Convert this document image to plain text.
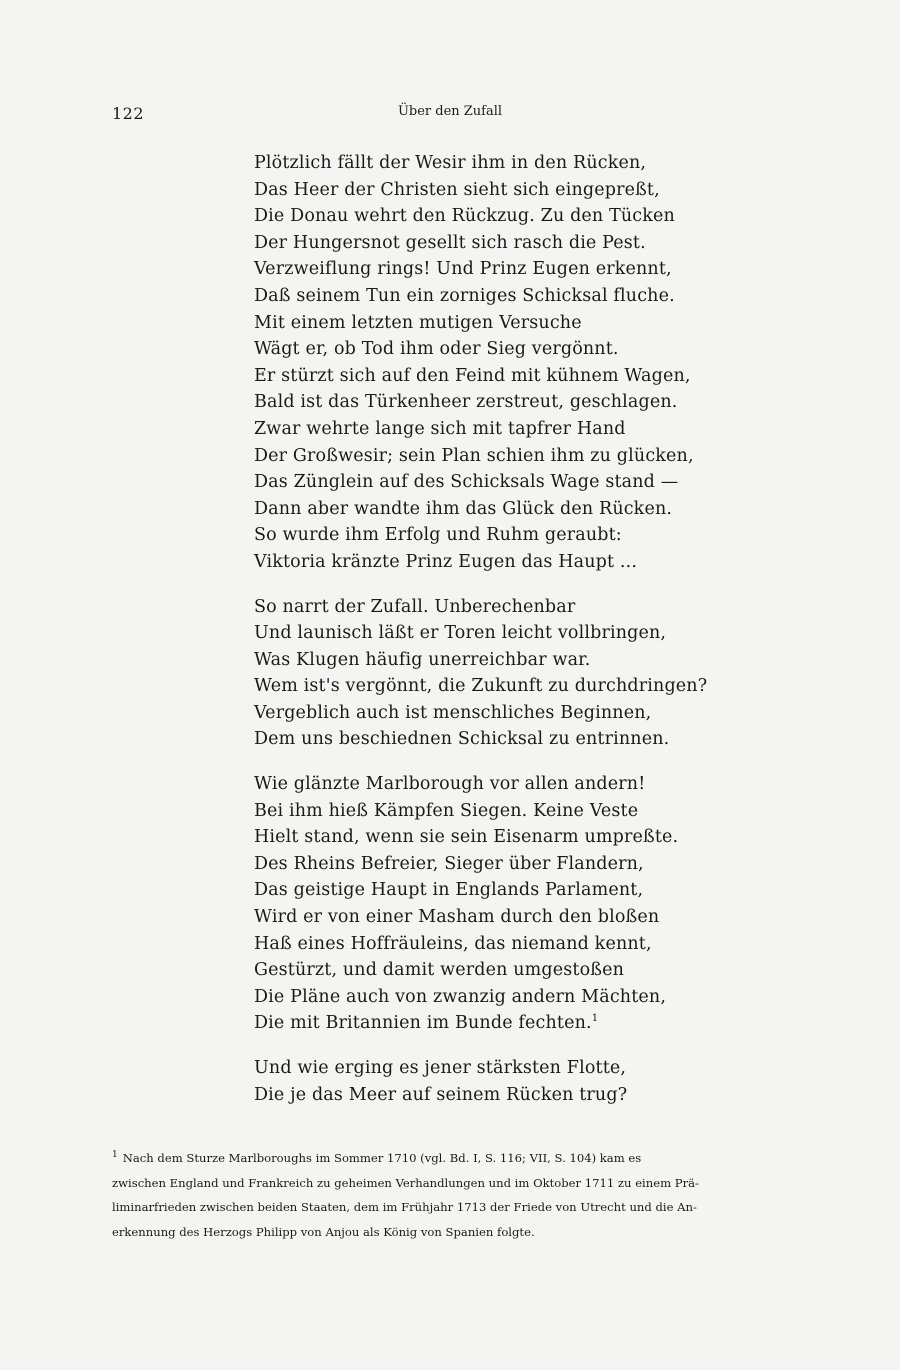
122	Über den Zufall
Plötzlich fällt der Wesir ihm in den Rücken,
Das Heer der Christen sieht sich eingepreßt,
Die Donau wehrt den Rückzug. Zu den Tücken
Der Hungersnot gesellt sich rasch die Pest.
Verzweiflung rings! Und Prinz Eugen erkennt,
Daß seinem Tun ein zorniges Schicksal fluche.
Mit einem letzten mutigen Versuche
Wägt er, ob Tod ihm oder Sieg vergönnt.
Er stürzt sich auf den Feind mit kühnem Wagen,
Bald ist das Türkenheer zerstreut, geschlagen.
Zwar wehrte lange sich mit tapfrer Hand
Der Großwesir; sein Plan schien ihm zu glücken,
Das Zünglein auf des Schicksals Wage stand —
Dann aber wandte ihm das Glück den Rücken.
So wurde ihm Erfolg und Ruhm geraubt:
Viktoria kränzte Prinz Eugen das Haupt ...
So narrt der Zufall. Unberechenbar
Und launisch läßt er Toren leicht vollbringen,
Was Klugen häufig unerreichbar war.
Wem ist's vergönnt, die Zukunft zu durchdringen?
Vergeblich auch ist menschliches Beginnen,
Dem uns beschiednen Schicksal zu entrinnen.
Wie glänzte Marlborough vor allen andern!
Bei ihm hieß Kämpfen Siegen. Keine Veste
Hielt stand, wenn sie sein Eisenarm umpreßte.
Des Rheins Befreier, Sieger über Flandern,
Das geistige Haupt in Englands Parlament,
Wird er von einer Masham durch den bloßen
Haß eines Hoffräuleins, das niemand kennt,
Gestürzt, und damit werden umgestoßen
Die Pläne auch von zwanzig andern Mächten,
Die mit Britannien im Bunde fechten.$^1$
Und wie erging es jener stärksten Flotte,
Die je das Meer auf seinem Rücken trug?
$^1$ Nach dem Sturze Marlboroughs im Sommer 1710 (vgl. Bd. I, S. 116; VII, S. 104) kam es
zwischen England und Frankreich zu geheimen Verhandlungen und im Oktober 1711 zu einem Prä-
liminarfrieden zwischen beiden Staaten, dem im Frühjahr 1713 der Friede von Utrecht und die An-
erkennung des Herzogs Philipp von Anjou als König von Spanien folgte.
